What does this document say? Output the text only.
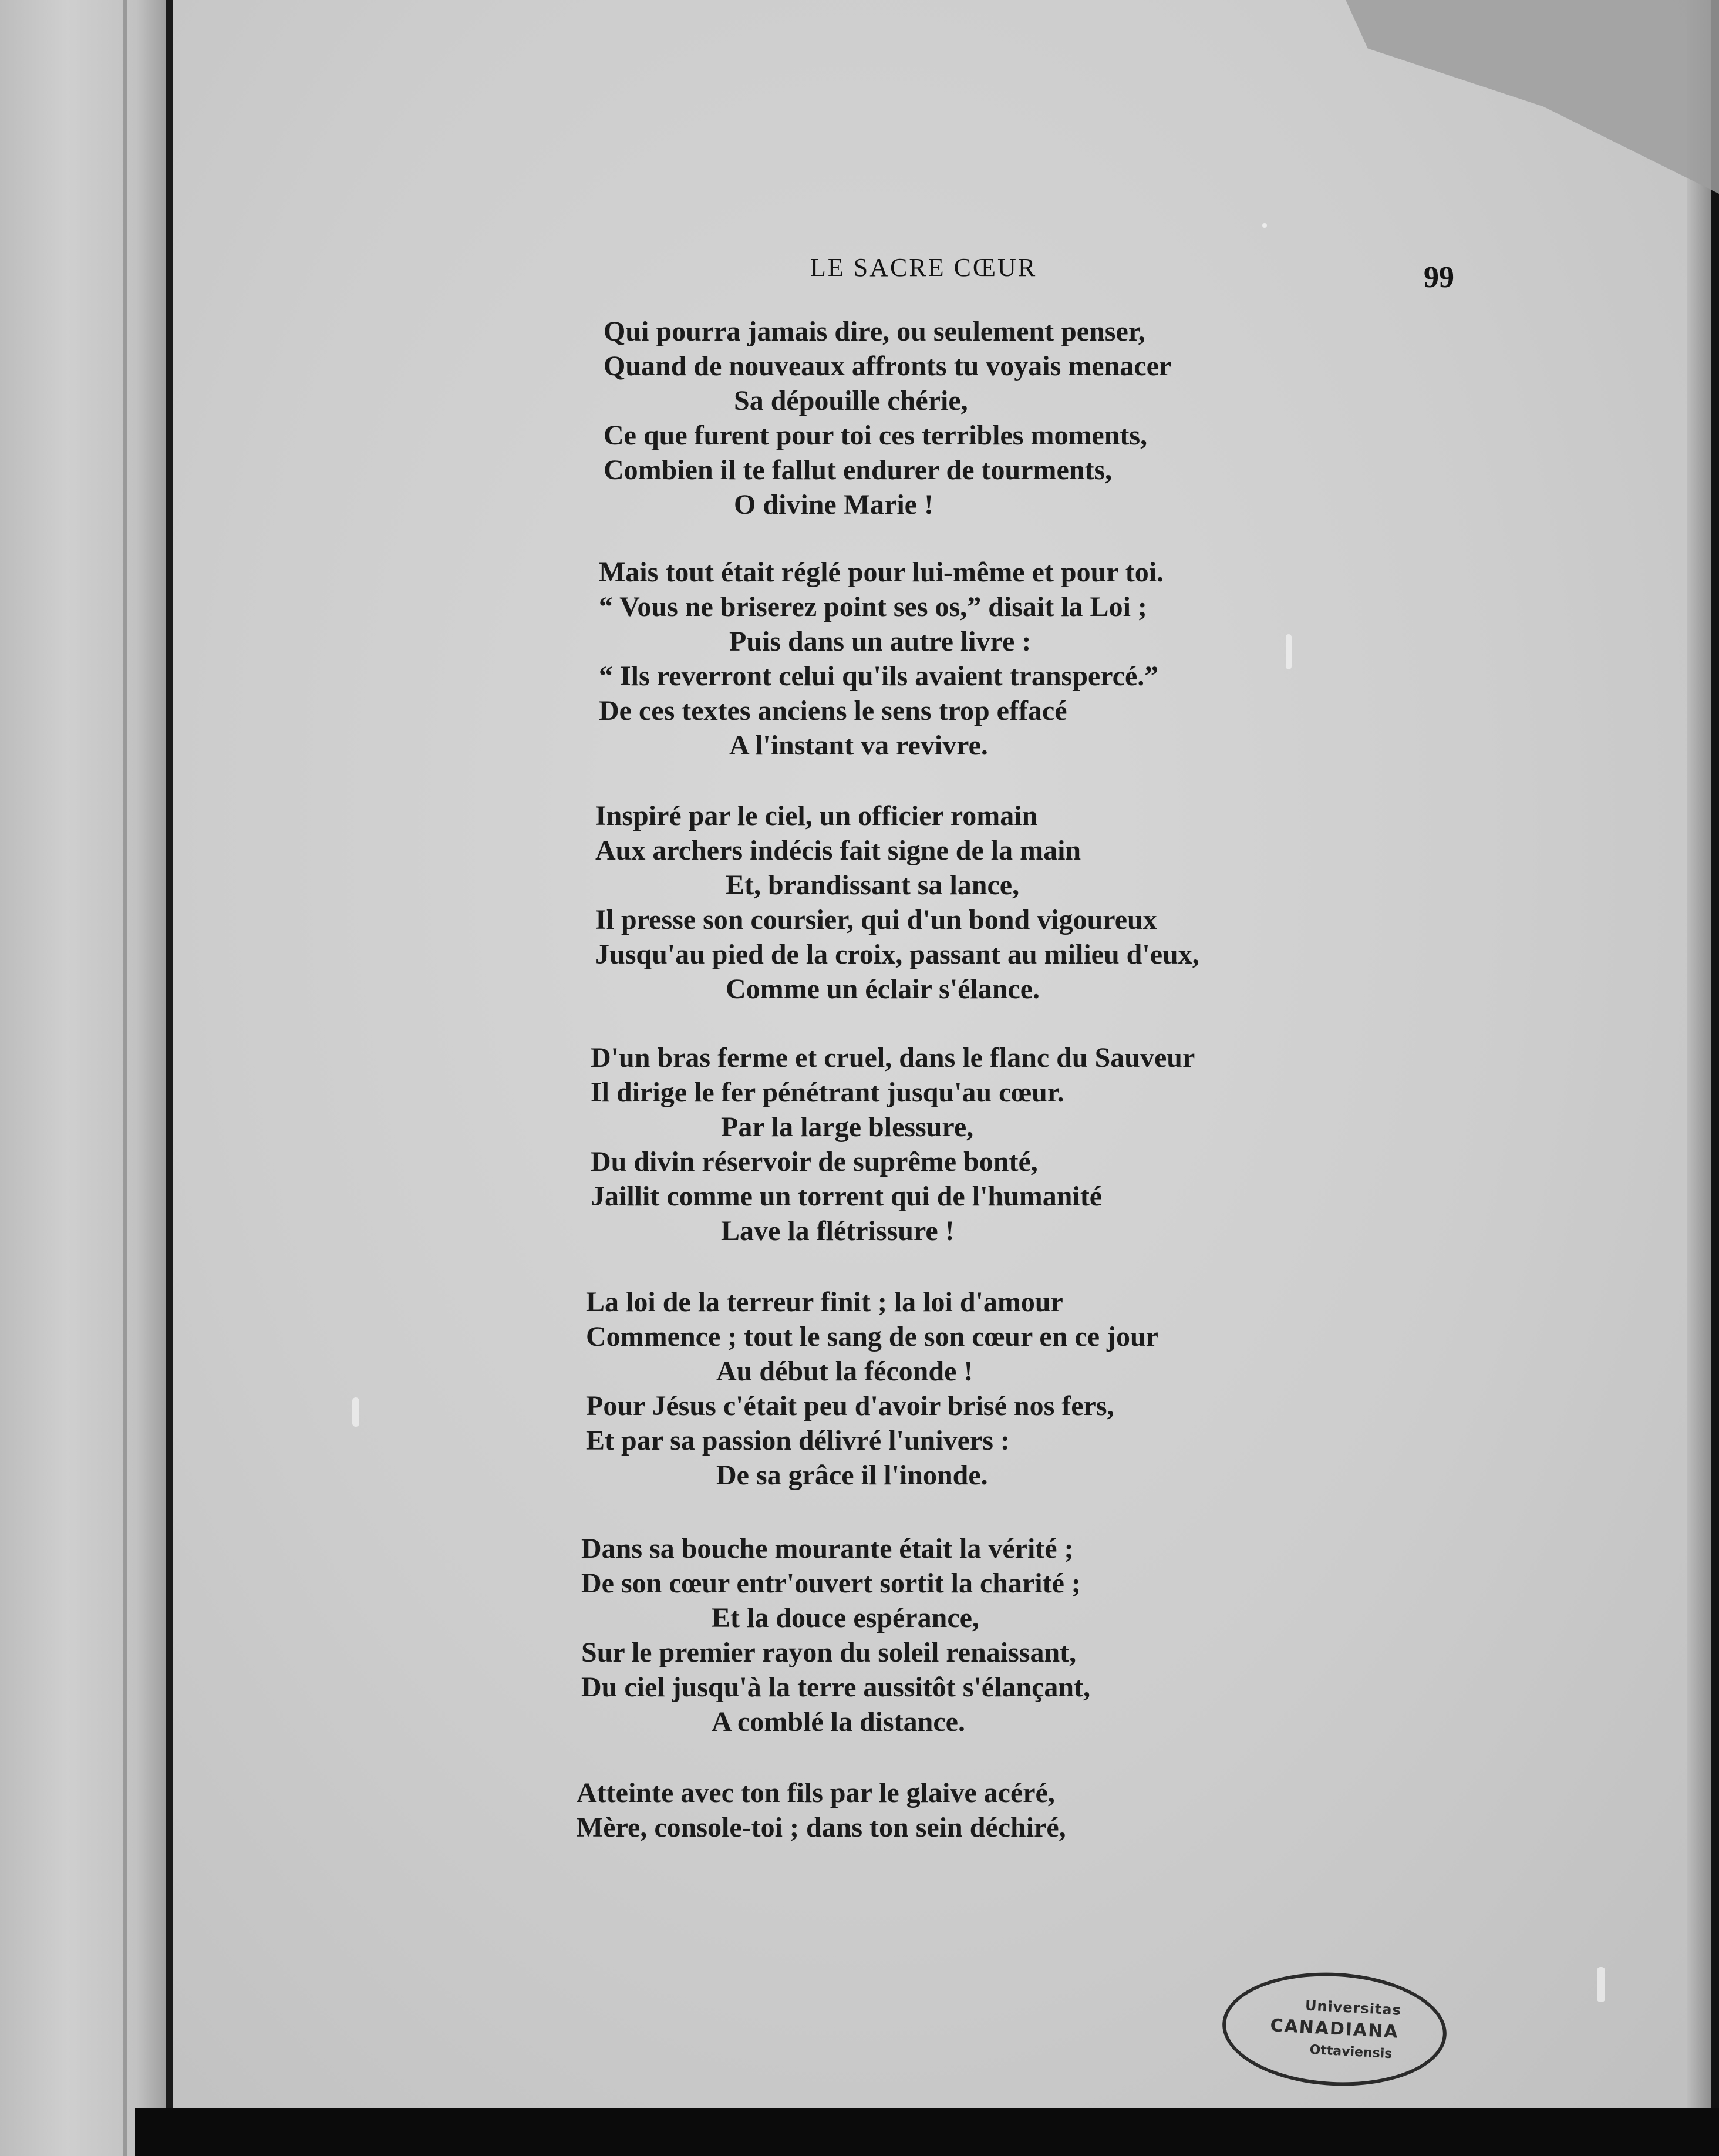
LE SACRE CŒUR	99
Qui pourra jamais dire, ou seulement penser,
Quand de nouveaux affronts tu voyais menacer
Sa dépouille chérie,
Ce que furent pour toi ces terribles moments,
Combien il te fallut endurer de tourments,
O divine Marie !
Mais tout était réglé pour lui-même et pour toi.
“ Vous ne briserez point ses os,” disait la Loi ;
Puis dans un autre livre :
“ Ils reverront celui qu'ils avaient transpercé.”
De ces textes anciens le sens trop effacé
A l'instant va revivre.
Inspiré par le ciel, un officier romain
Aux archers indécis fait signe de la main
Et, brandissant sa lance,
Il presse son coursier, qui d'un bond vigoureux
Jusqu'au pied de la croix, passant au milieu d'eux,
Comme un éclair s'élance.
D'un bras ferme et cruel, dans le flanc du Sauveur
Il dirige le fer pénétrant jusqu'au cœur.
Par la large blessure,
Du divin réservoir de suprême bonté,
Jaillit comme un torrent qui de l'humanité
Lave la flétrissure !
La loi de la terreur finit ; la loi d'amour
Commence ; tout le sang de son cœur en ce jour
Au début la féconde !
Pour Jésus c'était peu d'avoir brisé nos fers,
Et par sa passion délivré l'univers :
De sa grâce il l'inonde.
Dans sa bouche mourante était la vérité ;
De son cœur entr'ouvert sortit la charité ;
Et la douce espérance,
Sur le premier rayon du soleil renaissant,
Du ciel jusqu'à la terre aussitôt s'élançant,
A comblé la distance.
Atteinte avec ton fils par le glaive acéré,
Mère, console-toi ; dans ton sein déchiré,
Universitas
CANADIANA
Ottaviensis
